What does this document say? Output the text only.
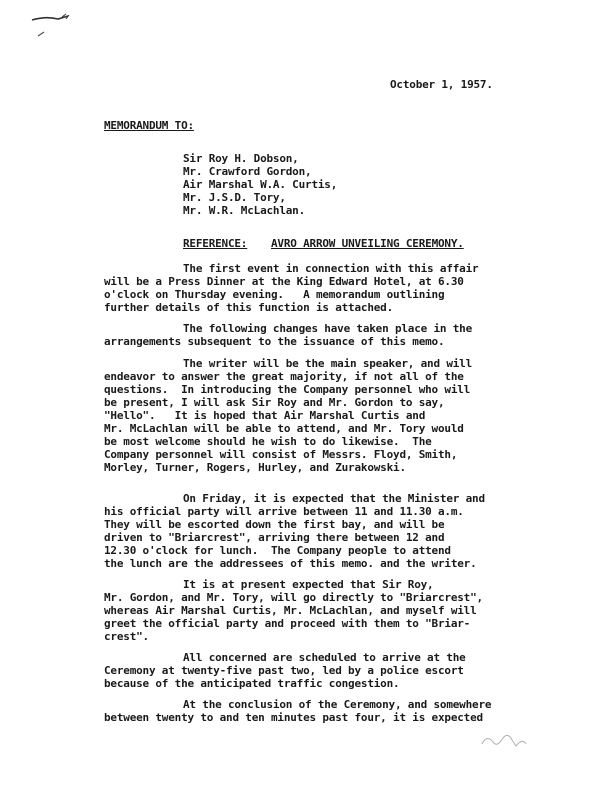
October 1, 1957.
MEMORANDUM TO:
Sir Roy H. Dobson,
Mr. Crawford Gordon,
Air Marshal W.A. Curtis,
Mr. J.S.D. Tory,
Mr. W.R. McLachlan.
REFERENCE: AVRO ARROW UNVEILING CEREMONY.
The first event in connection with this affair
will be a Press Dinner at the King Edward Hotel, at 6.30
o'clock on Thursday evening.   A memorandum outlining
further details of this function is attached.
The following changes have taken place in the
arrangements subsequent to the issuance of this memo.
The writer will be the main speaker, and will
endeavor to answer the great majority, if not all of the
questions.  In introducing the Company personnel who will
be present, I will ask Sir Roy and Mr. Gordon to say,
"Hello".   It is hoped that Air Marshal Curtis and
Mr. McLachlan will be able to attend, and Mr. Tory would
be most welcome should he wish to do likewise.  The
Company personnel will consist of Messrs. Floyd, Smith,
Morley, Turner, Rogers, Hurley, and Zurakowski.
On Friday, it is expected that the Minister and
his official party will arrive between 11 and 11.30 a.m.
They will be escorted down the first bay, and will be
driven to "Briarcrest", arriving there between 12 and
12.30 o'clock for lunch.  The Company people to attend
the lunch are the addressees of this memo. and the writer.
It is at present expected that Sir Roy,
Mr. Gordon, and Mr. Tory, will go directly to "Briarcrest",
whereas Air Marshal Curtis, Mr. McLachlan, and myself will
greet the official party and proceed with them to "Briar-
crest".
All concerned are scheduled to arrive at the
Ceremony at twenty-five past two, led by a police escort
because of the anticipated traffic congestion.
At the conclusion of the Ceremony, and somewhere
between twenty to and ten minutes past four, it is expected
